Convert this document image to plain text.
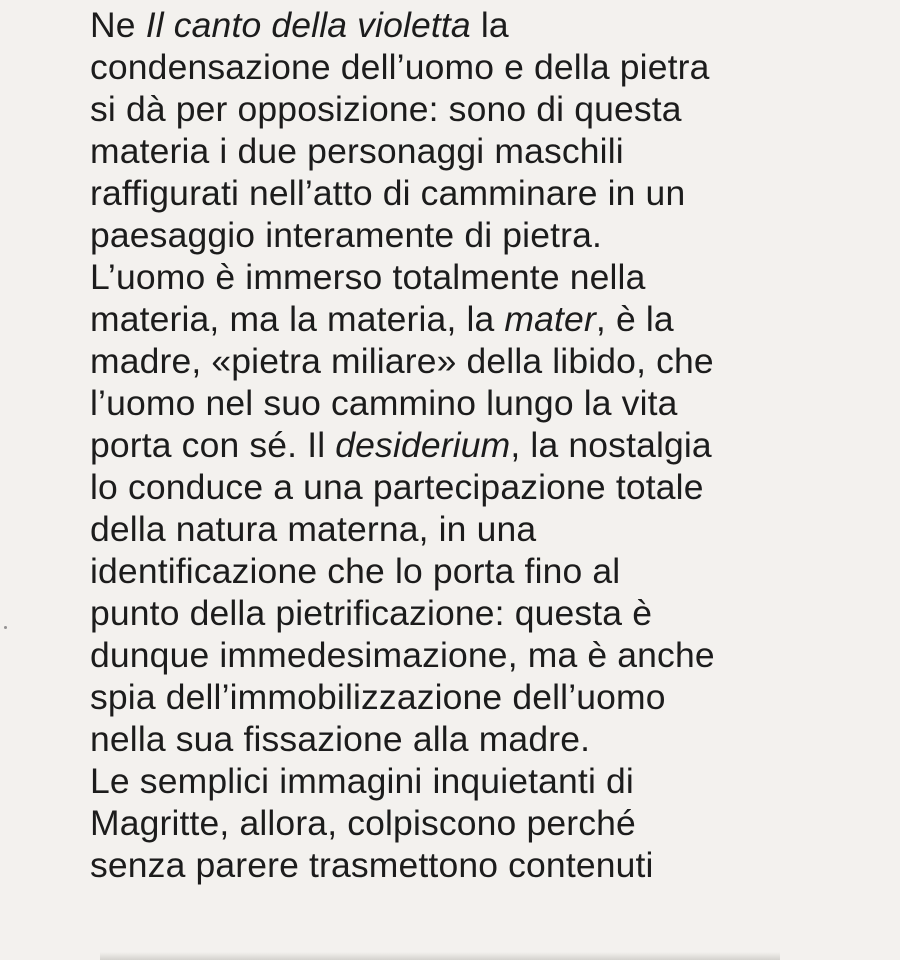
Ne Il canto della violetta la
condensazione dell’uomo e della pietra
si dà per opposizione: sono di questa
materia i due personaggi maschili
raffigurati nell’atto di camminare in un
paesaggio interamente di pietra.
L’uomo è immerso totalmente nella
materia, ma la materia, la mater, è la
madre, «pietra miliare» della libido, che
l’uomo nel suo cammino lungo la vita
porta con sé. Il desiderium, la nostalgia
lo conduce a una partecipazione totale
della natura materna, in una
identificazione che lo porta fino al
punto della pietrificazione: questa è
dunque immedesimazione, ma è anche
spia dell’immobilizzazione dell’uomo
nella sua fissazione alla madre.
Le semplici immagini inquietanti di
Magritte, allora, colpiscono perché
senza parere trasmettono contenuti
